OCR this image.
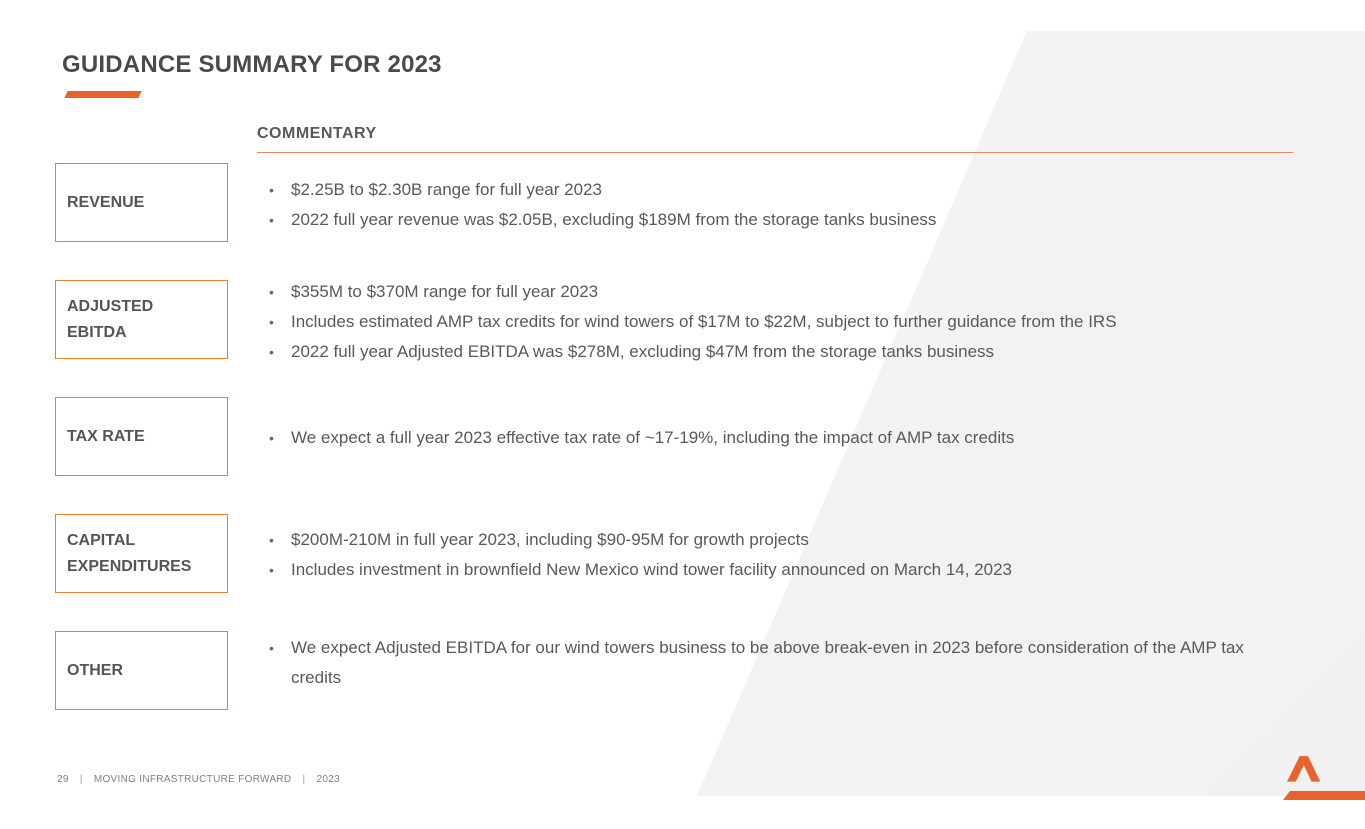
GUIDANCE SUMMARY FOR 2023
COMMENTARY
REVENUE
ADJUSTED EBITDA
TAX RATE
CAPITAL EXPENDITURES
OTHER
• $2.25B to $2.30B range for full year 2023
• 2022 full year revenue was $2.05B, excluding $189M from the storage tanks business
• $355M to $370M range for full year 2023
• Includes estimated AMP tax credits for wind towers of $17M to $22M, subject to further guidance from the IRS
• 2022 full year Adjusted EBITDA was $278M, excluding $47M from the storage tanks business
• We expect a full year 2023 effective tax rate of ~17-19%, including the impact of AMP tax credits
• $200M-210M in full year 2023, including $90-95M for growth projects
• Includes investment in brownfield New Mexico wind tower facility announced on March 14, 2023
• We expect Adjusted EBITDA for our wind towers business to be above break-even in 2023 before consideration of the AMP tax credits
29 | MOVING INFRASTRUCTURE FORWARD | 2023
